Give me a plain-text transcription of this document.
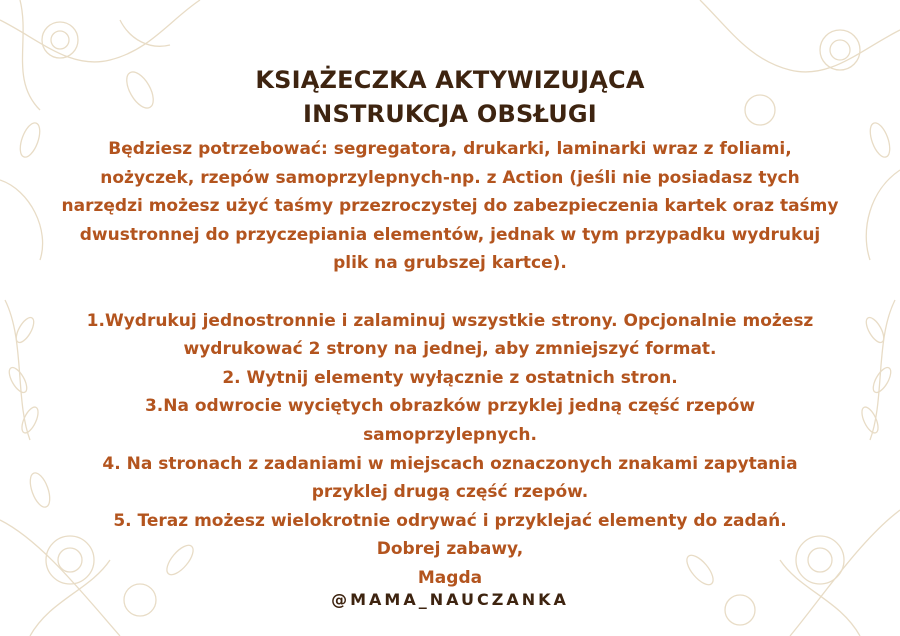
KSIĄŻECZKA AKTYWIZUJĄCA
INSTRUKCJA OBSŁUGI

Będziesz potrzebować: segregatora, drukarki, laminarki wraz z foliami,

nożyczek, rzepów samoprzylepnych-np. z Action (jeśli nie posiadasz tych

narzędzi możesz użyć taśmy przezroczystej do zabezpieczenia kartek oraz taśmy

dwustronnej do przyczepiania elementów, jednak w tym przypadku wydrukuj

plik na grubszej kartce).

1.Wydrukuj jednostronnie i zalaminuj wszystkie strony. Opcjonalnie możesz

wydrukować 2 strony na jednej, aby zmniejszyć format.

2. Wytnij elementy wyłącznie z ostatnich stron.

3.Na odwrocie wyciętych obrazków przyklej jedną część rzepów

samoprzylepnych.

4. Na stronach z zadaniami w miejscach oznaczonych znakami zapytania

przyklej drugą część rzepów.

5. Teraz możesz wielokrotnie odrywać i przyklejać elementy do zadań.

Dobrej zabawy,

Magda

@MAMA_NAUCZANKA
